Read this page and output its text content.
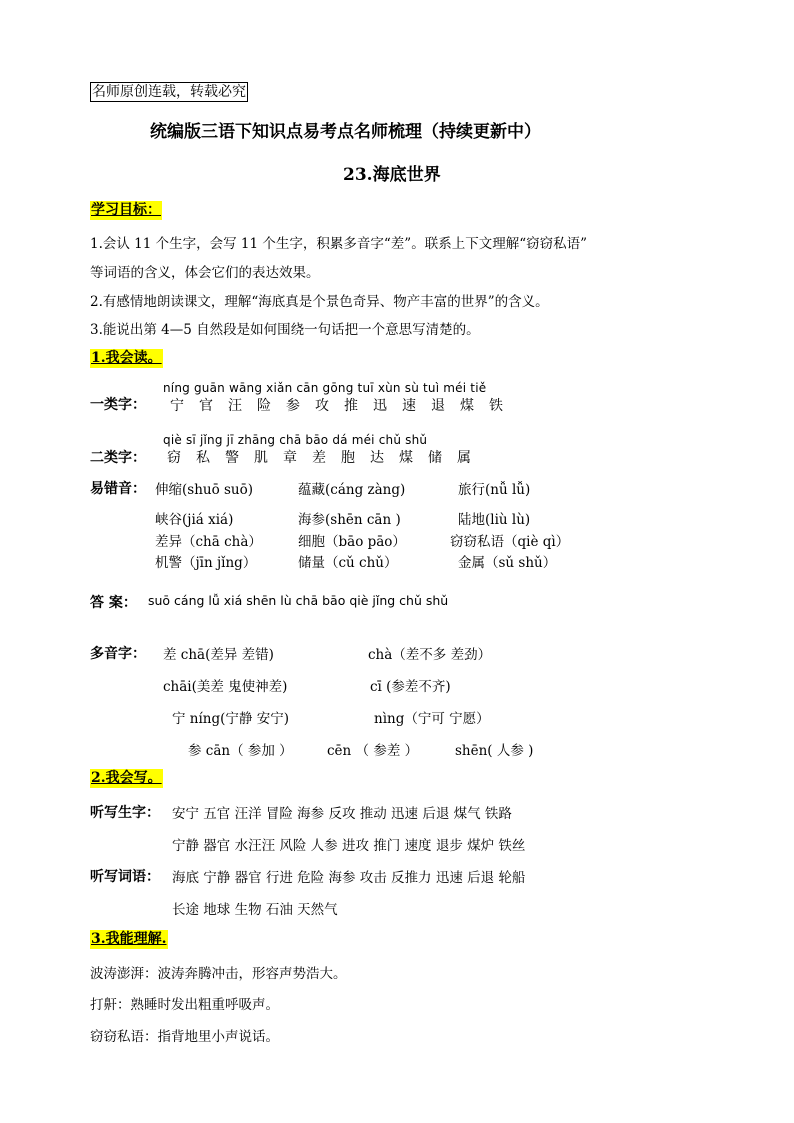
名师原创连载，转载必究
统编版三语下知识点易考点名师梳理（持续更新中）
23.海底世界
学习目标：
1.会认 11 个生字，会写 11 个生字，积累多音字“差”。联系上下文理解“窃窃私语”
等词语的含义，体会它们的表达效果。
2.有感情地朗读课文，理解“海底真是个景色奇异、物产丰富的世界”的含义。
3.能说出第 4—5 自然段是如何围绕一句话把一个意思写清楚的。
1.我会读。
一类字：
níng guān wāng xiǎn cān gōng tuī xùn sù tuì méi tiě
宁 官 汪 险 参 攻 推 迅 速 退 煤 铁
二类字：
qiè sī jǐng jī zhāng chā bāo dá méi chǔ shǔ
窃 私 警 肌 章 差 胞 达 煤 储 属
易错音： 伸缩(shuō suō)	蕴藏(cáng zàng)	旅行(nǚ lǚ)
峡谷(jiá xiá)	海参(shēn cān )	陆地(liù lù)
差异（chā chà）	细胞（bāo pāo）	窃窃私语（qiè qì）
机警（jīn jǐng）	储量（cǔ chǔ）	金属（sǔ shǔ）
答 案： suō cáng lǚ xiá shēn lù chā bāo qiè jǐng chǔ shǔ
多音字： 差 chā(差异 差错)	chà（差不多 差劲）
chāi(美差 鬼使神差)	cī (参差不齐)
宁 níng(宁静 安宁)	nìng（宁可 宁愿）
参 cān（ 参加 ）	cēn （ 参差 ）	shēn( 人参 )
2.我会写。
听写生字： 安宁 五官 汪洋 冒险 海参 反攻 推动 迅速 后退 煤气 铁路
宁静 器官 水汪汪 风险 人参 进攻 推门 速度 退步 煤炉 铁丝
听写词语： 海底 宁静 器官 行进 危险 海参 攻击 反推力 迅速 后退 轮船
长途 地球 生物 石油 天然气
3.我能理解.
波涛澎湃：波涛奔腾冲击，形容声势浩大。
打鼾：熟睡时发出粗重呼吸声。
窃窃私语：指背地里小声说话。
